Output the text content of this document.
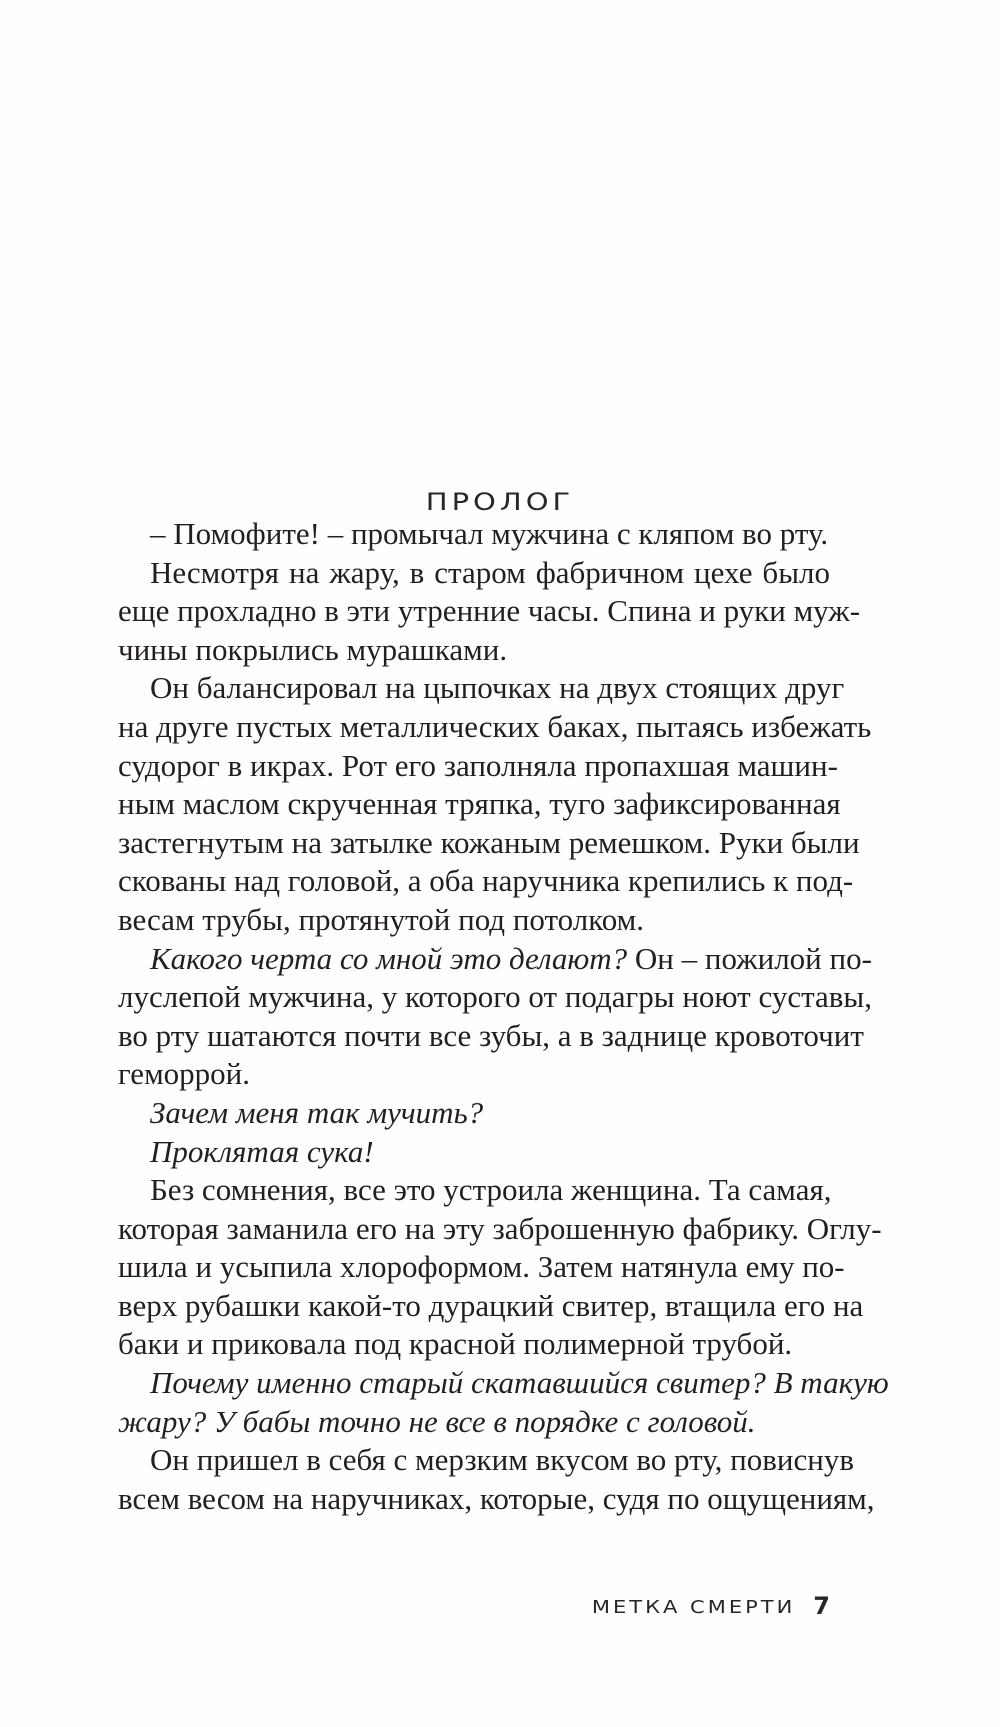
ПРОЛОГ
– Помофите! – промычал мужчина с кляпом во рту.
Несмотря на жару, в старом фабричном цехе было
еще прохладно в эти утренние часы. Спина и руки муж-
чины покрылись мурашками.
Он балансировал на цыпочках на двух стоящих друг
на друге пустых металлических баках, пытаясь избежать
судорог в икрах. Рот его заполняла пропахшая машин-
ным маслом скрученная тряпка, туго зафиксированная
застегнутым на затылке кожаным ремешком. Руки были
скованы над головой, а оба наручника крепились к под-
весам трубы, протянутой под потолком.
Какого черта со мной это делают? Он – пожилой по-
луслепой мужчина, у которого от подагры ноют суставы,
во рту шатаются почти все зубы, а в заднице кровоточит
геморрой.
Зачем меня так мучить?
Проклятая сука!
Без сомнения, все это устроила женщина. Та самая,
которая заманила его на эту заброшенную фабрику. Оглу-
шила и усыпила хлороформом. Затем натянула ему по-
верх рубашки какой-то дурацкий свитер, втащила его на
баки и приковала под красной полимерной трубой.
Почему именно старый скатавшийся свитер? В такую
жару? У бабы точно не все в порядке с головой.
Он пришел в себя с мерзким вкусом во рту, повиснув
всем весом на наручниках, которые, судя по ощущениям,
МЕТКА СМЕРТИ 7
